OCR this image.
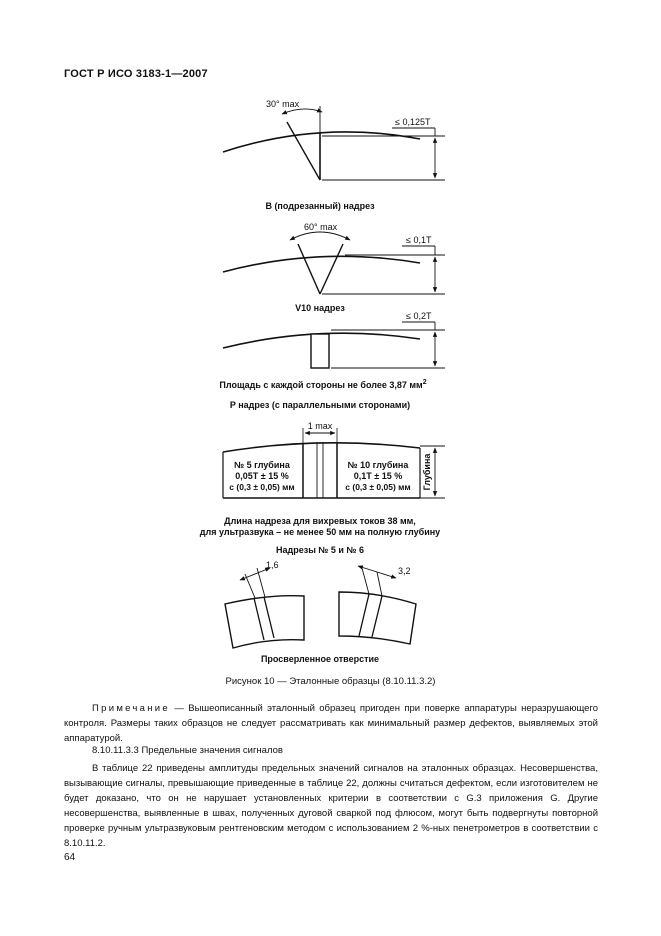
ГОСТ Р ИСО 3183-1—2007
30° max
≤ 0,125T
B (подрезанный) надрез
60° max
≤ 0,1T
V10 надрез
≤ 0,2T
Площадь с каждой стороны не более 3,87 $мм^2$
P надрез (с параллельными сторонами)
1 max
№ 5 глубина
0,05T ± 15 %
с (0,3 ± 0,05) мм
№ 10 глубина
0,1T ± 15 %
с (0,3 ± 0,05) мм Глубина
Длина надреза для вихревых токов 38 мм,
для ультразвука – не менее 50 мм на полную глубину
Надрезы № 5 и № 6
1,6
3,2
Просверленное отверстие
Рисунок 10 — Эталонные образцы (8.10.11.3.2)
Примечание — Вышеописанный эталонный образец пригоден при поверке аппаратуры неразрушающего контроля. Размеры таких образцов не следует рассматривать как минимальный размер дефектов, выявляемых этой аппаратурой.
8.10.11.3.3 Предельные значения сигналов
В таблице 22 приведены амплитуды предельных значений сигналов на эталонных образцах. Несовершенства, вызывающие сигналы, превышающие приведенные в таблице 22, должны считаться дефектом, если изготовителем не будет доказано, что он не нарушает установленных критерии в соответствии с G.3 приложения G. Другие несовершенства, выявленные в швах, полученных дуговой сваркой под флюсом, могут быть подвергнуты повторной проверке ручным ультразвуковым рентгеновским методом с использованием 2 %-ных пенетрометров в соответствии с 8.10.11.2.
64
